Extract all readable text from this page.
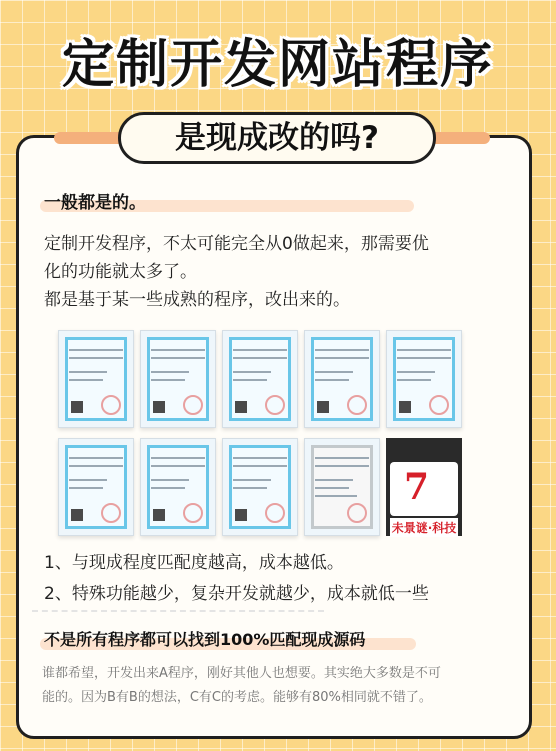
定制开发网站程序
是现成改的吗?
一般都是的。
定制开发程序，不太可能完全从0做起来，那需要优
化的功能就太多了。
都是基于某一些成熟的程序，改出来的。
7
未景谜·科技
1、与现成程度匹配度越高，成本越低。
2、特殊功能越少，复杂开发就越少，成本就低一些
不是所有程序都可以找到100%匹配现成源码
谁都希望，开发出来A程序，刚好其他人也想要。其实绝大多数是不可
能的。因为B有B的想法，C有C的考虑。能够有80%相同就不错了。
